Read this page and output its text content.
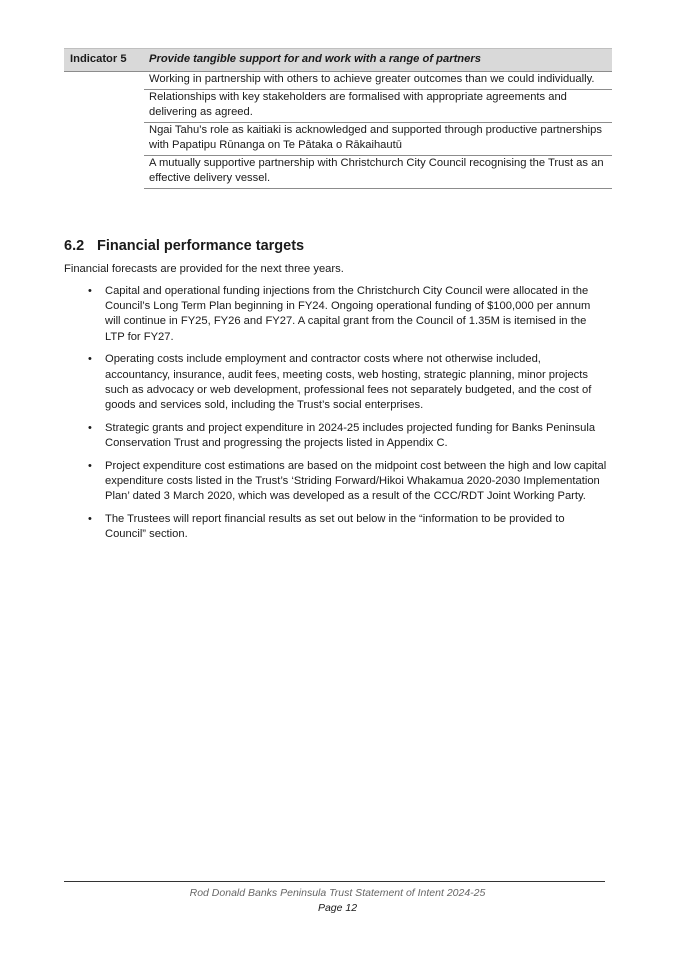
Indicator 5	Provide tangible support for and work with a range of partners
	Working in partnership with others to achieve greater outcomes than we could individually.
	Relationships with key stakeholders are formalised with appropriate agreements and delivering as agreed.
	Ngai Tahu’s role as kaitiaki is acknowledged and supported through productive partnerships with Papatipu Rūnanga on Te Pātaka o Rākaihautū
	A mutually supportive partnership with Christchurch City Council recognising the Trust as an effective delivery vessel.
6.2 Financial performance targets
Financial forecasts are provided for the next three years.
• Capital and operational funding injections from the Christchurch City Council were allocated in the Council’s Long Term Plan beginning in FY24. Ongoing operational funding of $100,000 per annum will continue in FY25, FY26 and FY27. A capital grant from the Council of 1.35M is itemised in the LTP for FY27.
• Operating costs include employment and contractor costs where not otherwise included, accountancy, insurance, audit fees, meeting costs, web hosting, strategic planning, minor projects such as advocacy or web development, professional fees not separately budgeted, and the cost of goods and services sold, including the Trust’s social enterprises.
• Strategic grants and project expenditure in 2024-25 includes projected funding for Banks Peninsula Conservation Trust and progressing the projects listed in Appendix C.
• Project expenditure cost estimations are based on the midpoint cost between the high and low capital expenditure costs listed in the Trust’s ‘Striding Forward/Hikoi Whakamua 2020-2030 Implementation Plan’ dated 3 March 2020, which was developed as a result of the CCC/RDT Joint Working Party.
• The Trustees will report financial results as set out below in the “information to be provided to Council” section.
Rod Donald Banks Peninsula Trust Statement of Intent 2024-25
Page 12
